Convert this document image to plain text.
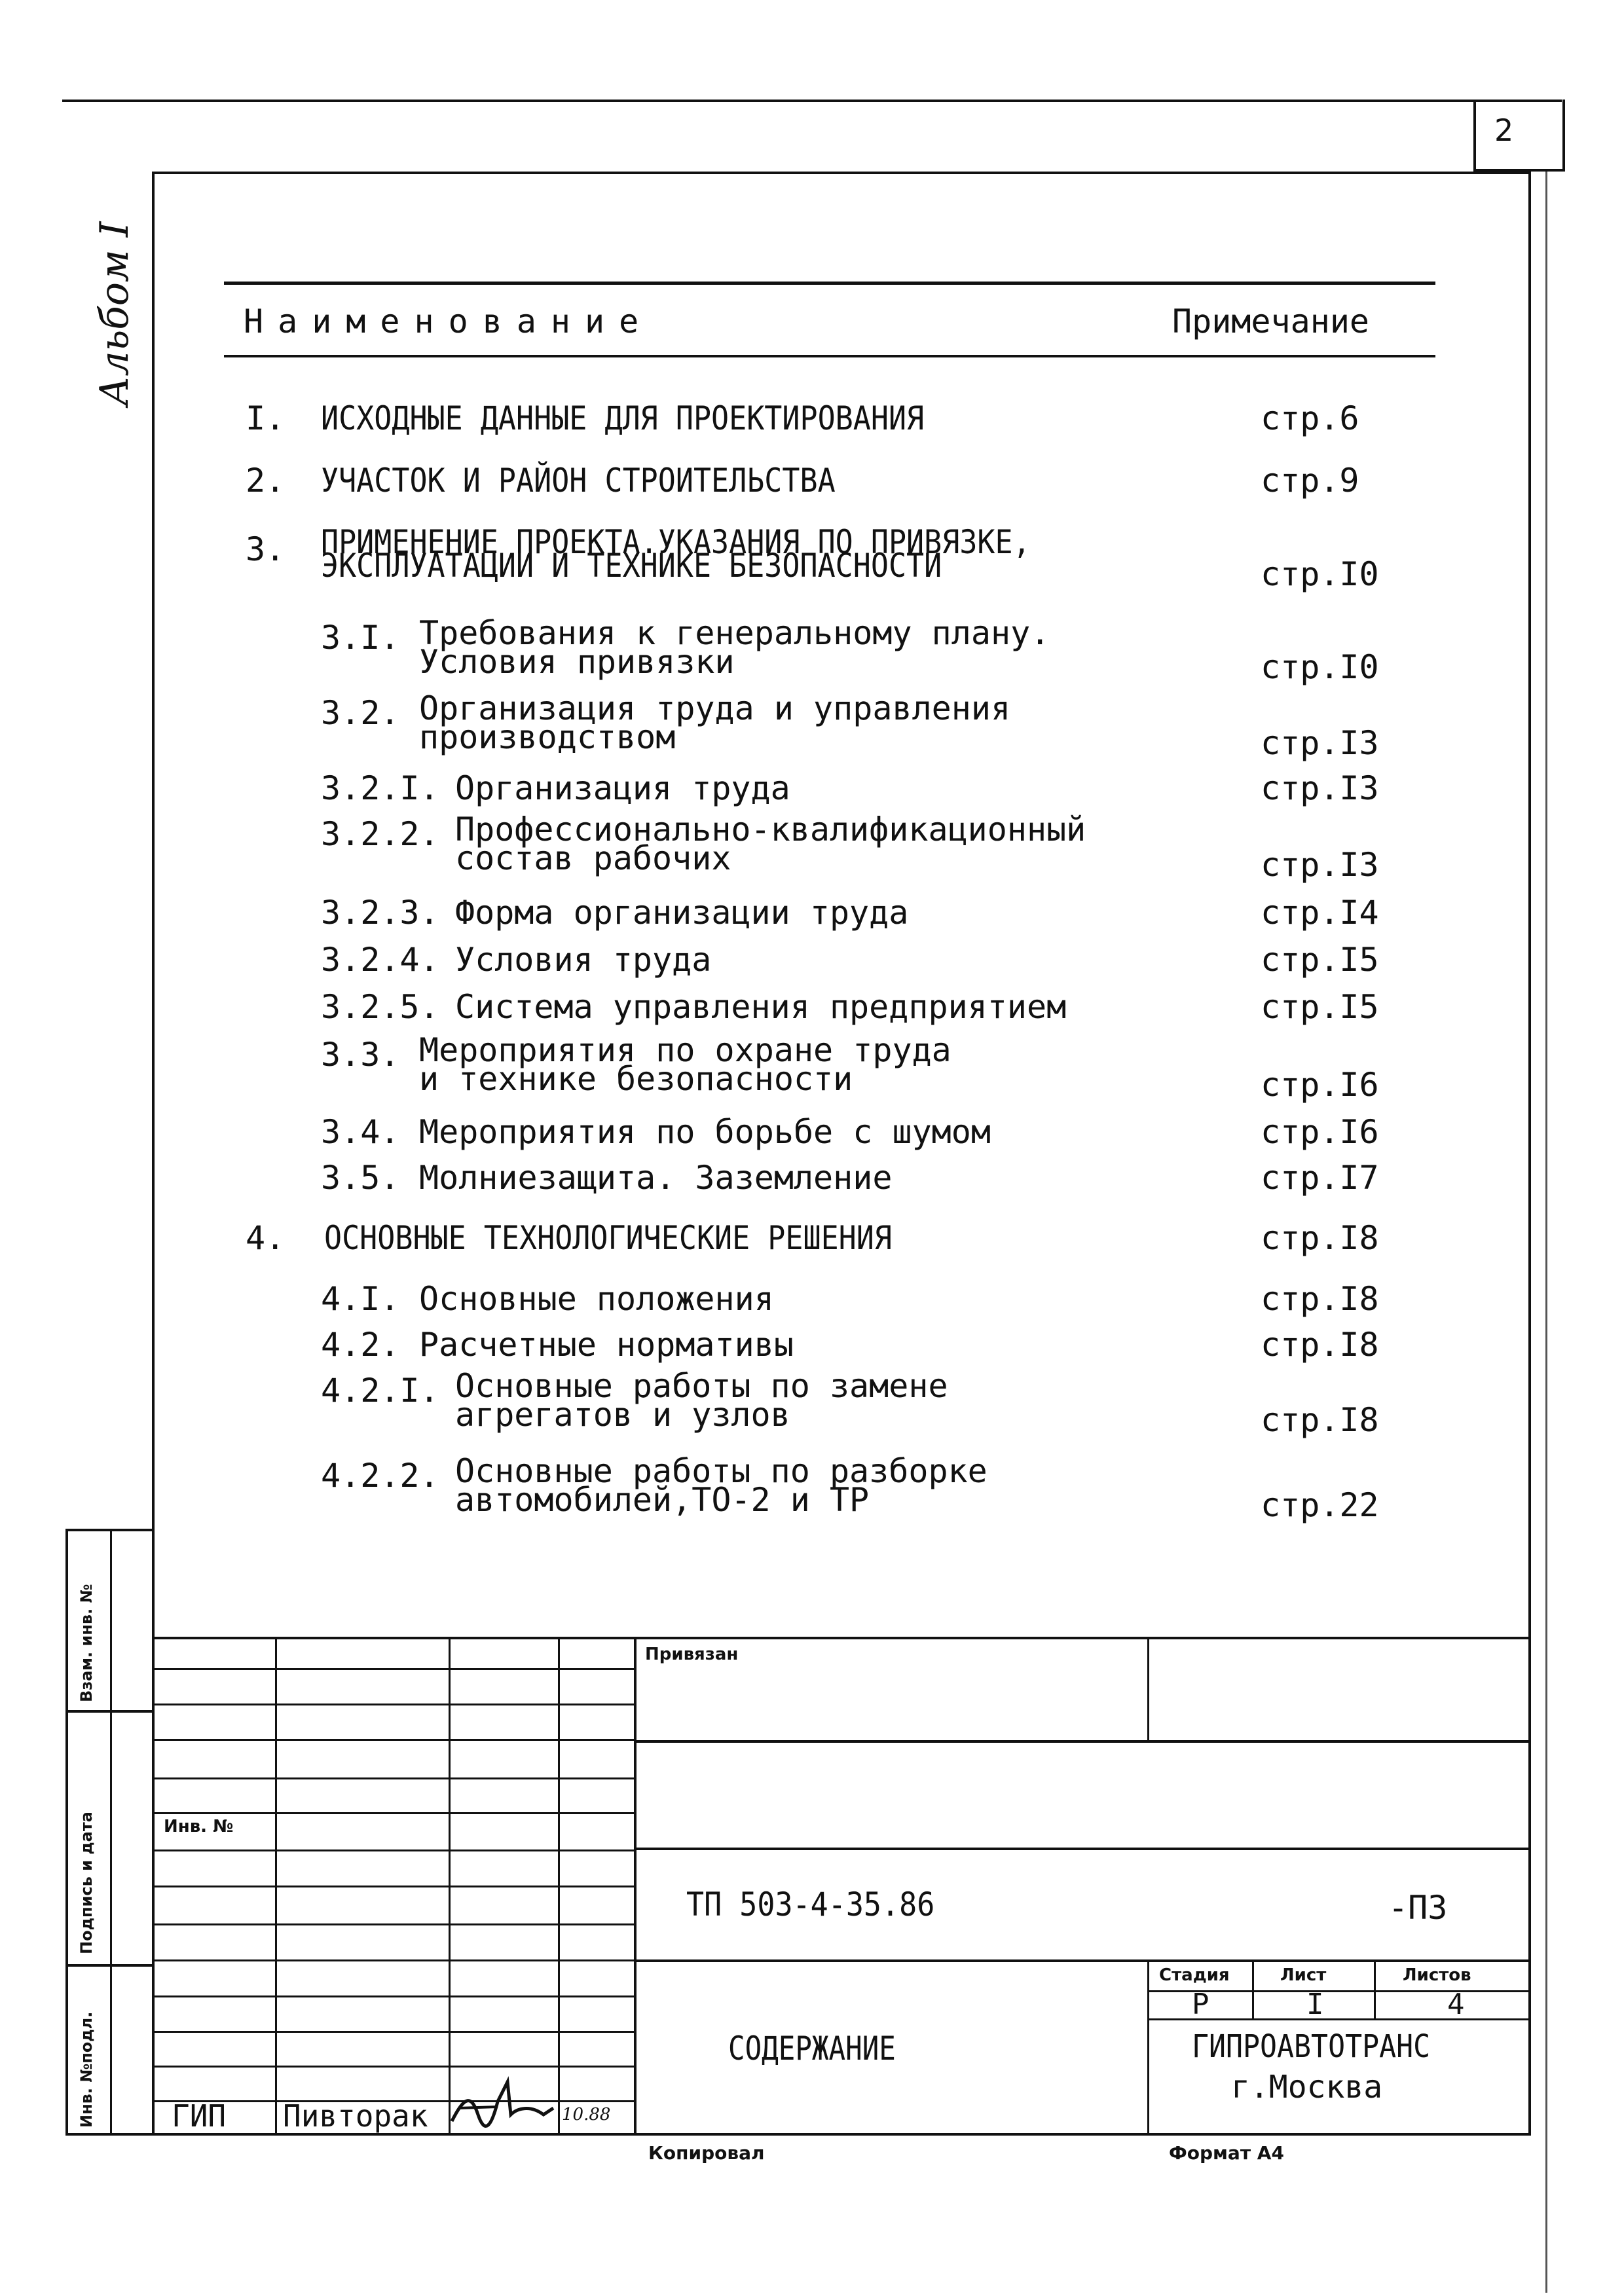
2
Альбом I	Наименование	Примечание
I. ИСХОДНЫЕ ДАННЫЕ ДЛЯ ПРОЕКТИРОВАНИЯ	стр.6
2. УЧАСТОК И РАЙОН СТРОИТЕЛЬСТВА	стр.9
3. ПРИМЕНЕНИЕ ПРОЕКТА.УКАЗАНИЯ ПО ПРИВЯЗКЕ,
ЭКСПЛУАТАЦИИ И ТЕХНИКЕ БЕЗОПАСНОСТИ	стр.I0
3.I. Требования к генеральному плану.
Условия привязки	стр.I0
3.2. Организация труда и управления
производством	стр.I3
3.2.I. Организация труда	стр.I3
3.2.2. Профессионально-квалификационный
состав рабочих	стр.I3
3.2.3. Форма организации труда	стр.I4
3.2.4. Условия труда	стр.I5
3.2.5. Система управления предприятием	стр.I5
3.3. Мероприятия по охране труда
и технике безопасности	стр.I6
3.4. Мероприятия по борьбе с шумом	стр.I6
3.5. Молниезащита. Заземление	стр.I7
4. ОСНОВНЫЕ ТЕХНОЛОГИЧЕСКИЕ РЕШЕНИЯ	стр.I8
4.I. Основные положения	стр.I8
4.2. Расчетные нормативы	стр.I8
4.2.I. Основные работы по замене
агрегатов и узлов	стр.I8
4.2.2. Основные работы по разборке
автомобилей,ТО-2 и ТР	стр.22
Взам. инв. №
Подпись и дата
Инв. №подл.
Привязан
Инв. №
ТП 503-4-35.86	-ПЗ
СОДЕРЖАНИЕ
Стадия	Лист	Листов
Р	I	4
ГИПРОАВТОТРАНС
г.Москва
ГИП Пивторак	10.88
Копировал	Формат А4
